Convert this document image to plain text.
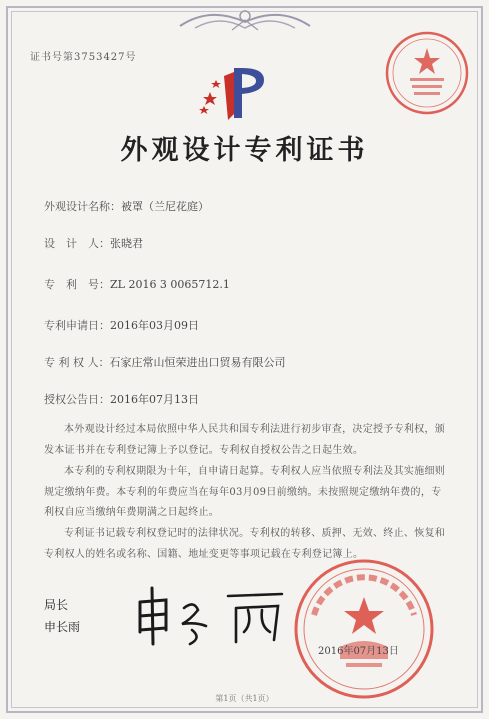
证书号第3753427号
外观设计专利证书
外观设计名称：被罩（兰尼花庭）
设　计　人：张晓君
专　利　号：ZL 2016 3 0065712.1
专利申请日：2016年03月09日
专 利 权 人：石家庄常山恒荣进出口贸易有限公司
授权公告日：2016年07月13日
本外观设计经过本局依照中华人民共和国专利法进行初步审查，决定授予专利权，颁发本证书并在专利登记簿上予以登记。专利权自授权公告之日起生效。
本专利的专利权期限为十年，自申请日起算。专利权人应当依照专利法及其实施细则规定缴纳年费。本专利的年费应当在每年03月09日前缴纳。未按照规定缴纳年费的，专利权自应当缴纳年费期满之日起终止。
专利证书记载专利权登记时的法律状况。专利权的转移、质押、无效、终止、恢复和专利权人的姓名或名称、国籍、地址变更等事项记载在专利登记簿上。
局长
申长雨
2016年07月13日
第1页（共1页）
